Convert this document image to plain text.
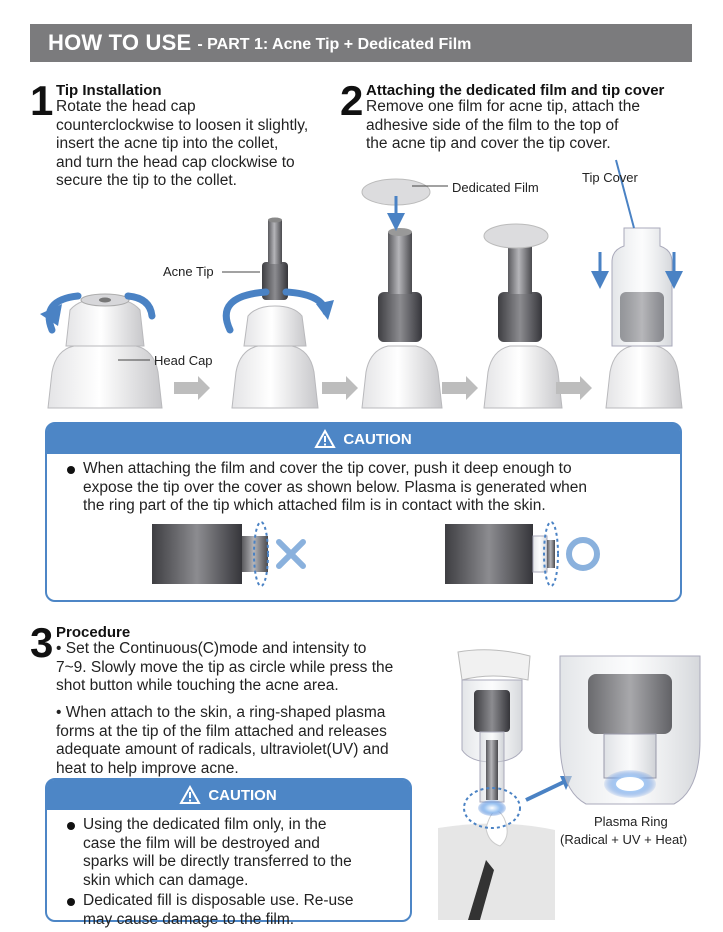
HOW TO USE - PART 1: Acne Tip + Dedicated Film
1 Tip Installation
Rotate the head cap
counterclockwise to loosen it slightly,
insert the acne tip into the collet,
and turn the head cap clockwise to
secure the tip to the collet.
2 Attaching the dedicated film and tip cover
Remove one film for acne tip, attach the
adhesive side of the film to the top of
the acne tip and cover the tip cover.
Acne Tip
Head Cap
Dedicated Film
Tip Cover
CAUTION
When attaching the film and cover the tip cover, push it deep enough to
expose the tip over the cover as shown below. Plasma is generated when
the ring part of the tip which attached film is in contact with the skin.
3 Procedure
• Set the Continuous(C)mode and intensity to
7~9. Slowly move the tip as circle while press the
shot button while touching the acne area.
• When attach to the skin, a ring-shaped plasma
forms at the tip of the film attached and releases
adequate amount of radicals, ultraviolet(UV) and
heat to help improve acne.
CAUTION
Using the dedicated film only, in the
case the film will be destroyed and
sparks will be directly transferred to the
skin which can damage.
Dedicated fill is disposable use. Re-use
may cause damage to the film.
Plasma Ring
(Radical + UV + Heat)
